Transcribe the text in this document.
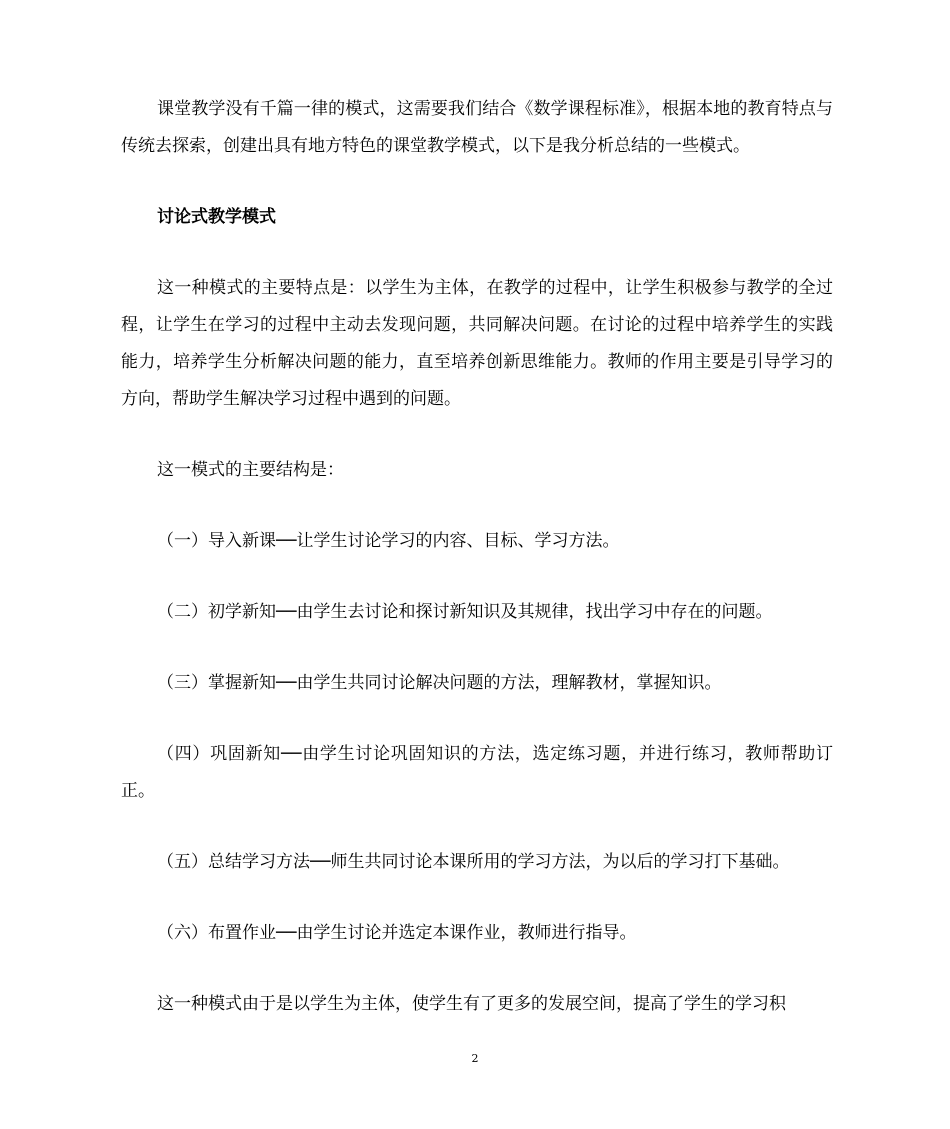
课堂教学没有千篇一律的模式，这需要我们结合《数学课程标准》，根据本地的教育特点与传统去探索，创建出具有地方特色的课堂教学模式，以下是我分析总结的一些模式。

讨论式教学模式

这一种模式的主要特点是：以学生为主体，在教学的过程中，让学生积极参与教学的全过程，让学生在学习的过程中主动去发现问题，共同解决问题。在讨论的过程中培养学生的实践能力，培养学生分析解决问题的能力，直至培养创新思维能力。教师的作用主要是引导学习的方向，帮助学生解决学习过程中遇到的问题。

这一模式的主要结构是：

（一）导入新课──让学生讨论学习的内容、目标、学习方法。

（二）初学新知──由学生去讨论和探讨新知识及其规律，找出学习中存在的问题。

（三）掌握新知──由学生共同讨论解决问题的方法，理解教材，掌握知识。

（四）巩固新知──由学生讨论巩固知识的方法，选定练习题，并进行练习，教师帮助订正。

（五）总结学习方法──师生共同讨论本课所用的学习方法，为以后的学习打下基础。

（六）布置作业──由学生讨论并选定本课作业，教师进行指导。

这一种模式由于是以学生为主体，使学生有了更多的发展空间，提高了学生的学习积

2
